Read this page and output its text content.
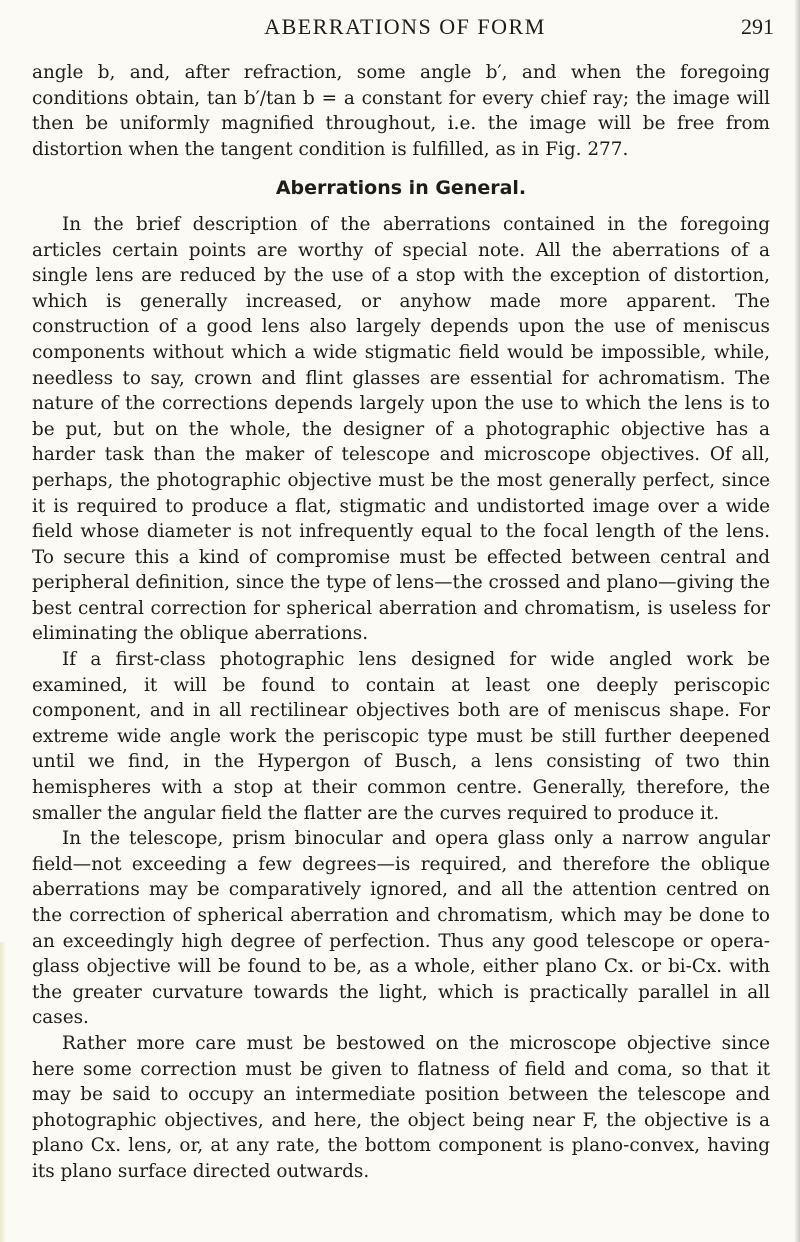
ABERRATIONS OF FORM	291

angle b, and, after refraction, some angle b′, and when the foregoing conditions obtain, tan b′/tan b = a constant for every chief ray; the image will then be uniformly magnified throughout, i.e. the image will be free from distortion when the tangent condition is fulfilled, as in Fig. 277.

Aberrations in General.

In the brief description of the aberrations contained in the foregoing articles certain points are worthy of special note. All the aberrations of a single lens are reduced by the use of a stop with the exception of distortion, which is generally increased, or anyhow made more apparent. The construction of a good lens also largely depends upon the use of meniscus components without which a wide stigmatic field would be impossible, while, needless to say, crown and flint glasses are essential for achromatism. The nature of the corrections depends largely upon the use to which the lens is to be put, but on the whole, the designer of a photographic objective has a harder task than the maker of telescope and microscope objectives. Of all, perhaps, the photographic objective must be the most generally perfect, since it is required to produce a flat, stigmatic and undistorted image over a wide field whose diameter is not infrequently equal to the focal length of the lens. To secure this a kind of compromise must be effected between central and peripheral definition, since the type of lens—the crossed and plano—giving the best central correction for spherical aberration and chromatism, is useless for eliminating the oblique aberrations.

If a first-class photographic lens designed for wide angled work be examined, it will be found to contain at least one deeply periscopic component, and in all rectilinear objectives both are of meniscus shape. For extreme wide angle work the periscopic type must be still further deepened until we find, in the Hypergon of Busch, a lens consisting of two thin hemispheres with a stop at their common centre. Generally, therefore, the smaller the angular field the flatter are the curves required to produce it.

In the telescope, prism binocular and opera glass only a narrow angular field—not exceeding a few degrees—is required, and therefore the oblique aberrations may be comparatively ignored, and all the attention centred on the correction of spherical aberration and chromatism, which may be done to an exceedingly high degree of perfection. Thus any good telescope or opera-glass objective will be found to be, as a whole, either plano Cx. or bi-Cx. with the greater curvature towards the light, which is practically parallel in all cases.

Rather more care must be bestowed on the microscope objective since here some correction must be given to flatness of field and coma, so that it may be said to occupy an intermediate position between the telescope and photographic objectives, and here, the object being near F, the objective is a plano Cx. lens, or, at any rate, the bottom component is plano-convex, having its plano surface directed outwards.
